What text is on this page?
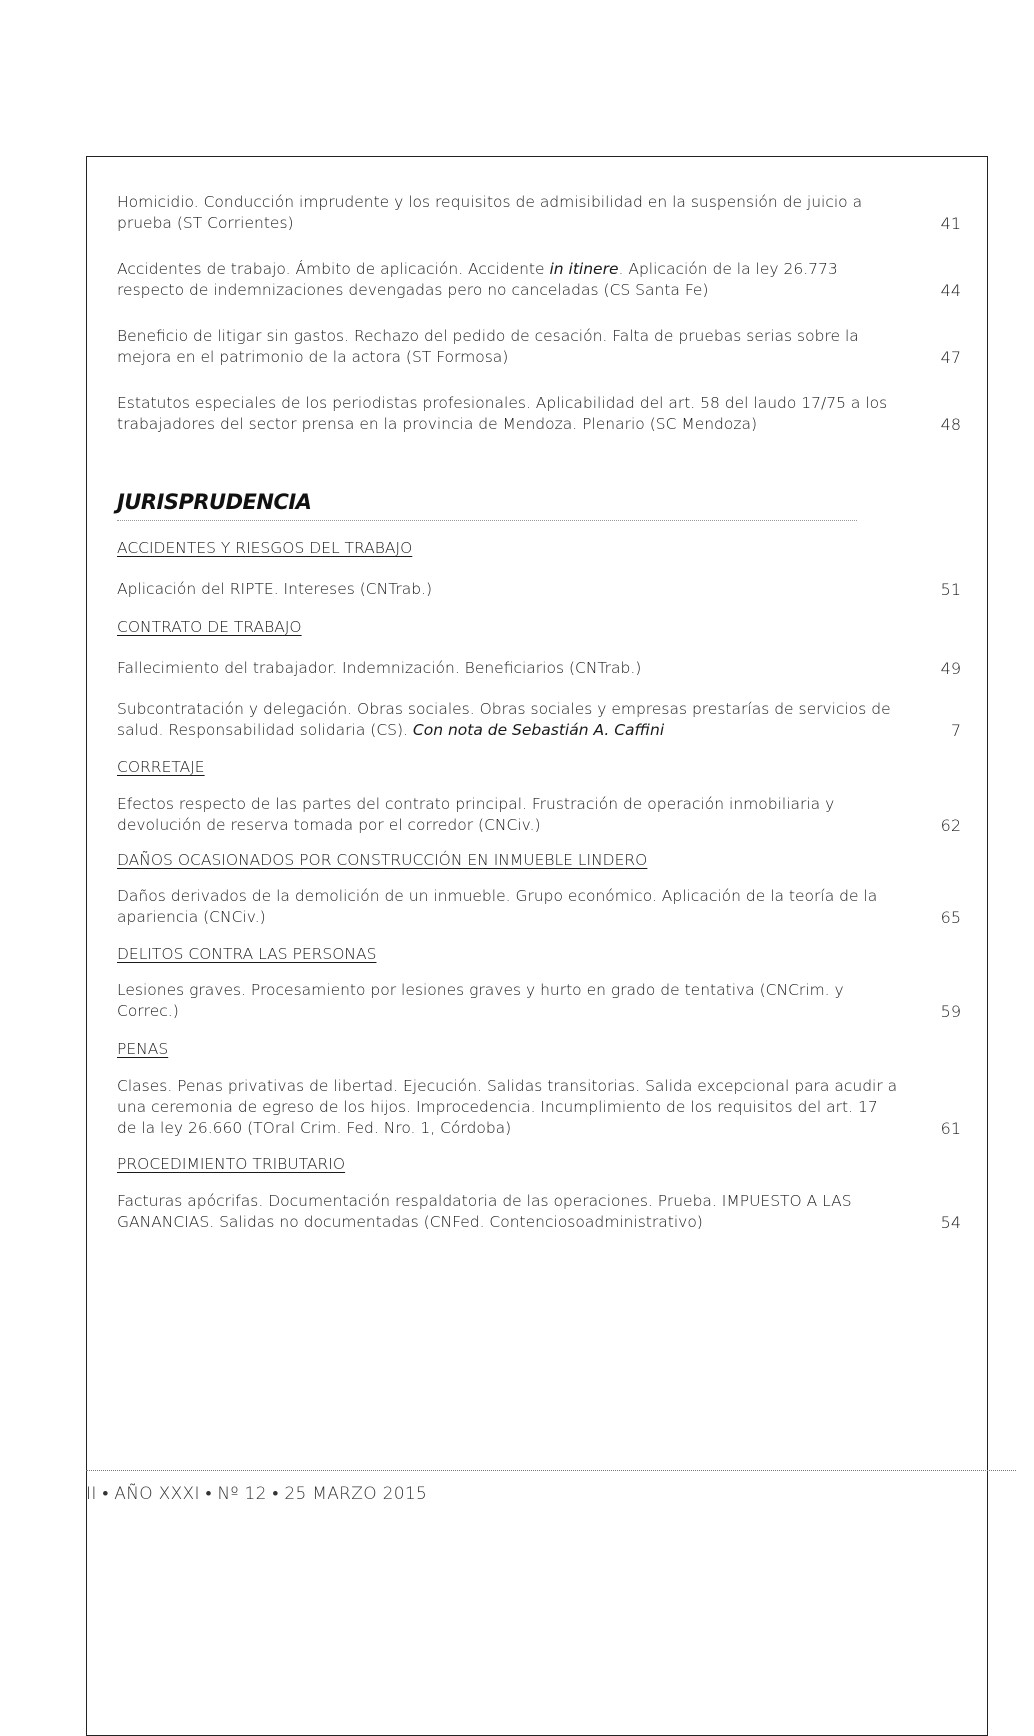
Homicidio. Conducción imprudente y los requisitos de admisibilidad en la suspensión de juicio a prueba (ST Corrientes)	41
Accidentes de trabajo. Ámbito de aplicación. Accidente in itinere. Aplicación de la ley 26.773 respecto de indemnizaciones devengadas pero no canceladas (CS Santa Fe)	44
Beneficio de litigar sin gastos. Rechazo del pedido de cesación. Falta de pruebas serias sobre la mejora en el patrimonio de la actora (ST Formosa)	47
Estatutos especiales de los periodistas profesionales. Aplicabilidad del art. 58 del laudo 17/75 a los trabajadores del sector prensa en la provincia de Mendoza. Plenario (SC Mendoza)	48
JURISPRUDENCIA
ACCIDENTES Y RIESGOS DEL TRABAJO
Aplicación del RIPTE. Intereses (CNTrab.)	51
CONTRATO DE TRABAJO
Fallecimiento del trabajador. Indemnización. Beneficiarios (CNTrab.)	49
Subcontratación y delegación. Obras sociales. Obras sociales y empresas prestarías de servicios de salud. Responsabilidad solidaria (CS). Con nota de Sebastián A. Caffini	7
CORRETAJE
Efectos respecto de las partes del contrato principal. Frustración de operación inmobiliaria y devolución de reserva tomada por el corredor (CNCiv.)	62
DAÑOS OCASIONADOS POR CONSTRUCCIÓN EN INMUEBLE LINDERO
Daños derivados de la demolición de un inmueble. Grupo económico. Aplicación de la teoría de la apariencia (CNCiv.)	65
DELITOS CONTRA LAS PERSONAS
Lesiones graves. Procesamiento por lesiones graves y hurto en grado de tentativa (CNCrim. y Correc.)	59
PENAS
Clases. Penas privativas de libertad. Ejecución. Salidas transitorias. Salida excepcional para acudir a una ceremonia de egreso de los hijos. Improcedencia. Incumplimiento de los requisitos del art. 17 de la ley 26.660 (TOral Crim. Fed. Nro. 1, Córdoba)	61
PROCEDIMIENTO TRIBUTARIO
Facturas apócrifas. Documentación respaldatoria de las operaciones. Prueba. IMPUESTO A LAS GANANCIAS. Salidas no documentadas (CNFed. Contenciosoadministrativo)	54
II • AÑO XXXI • Nº 12 • 25 MARZO 2015
